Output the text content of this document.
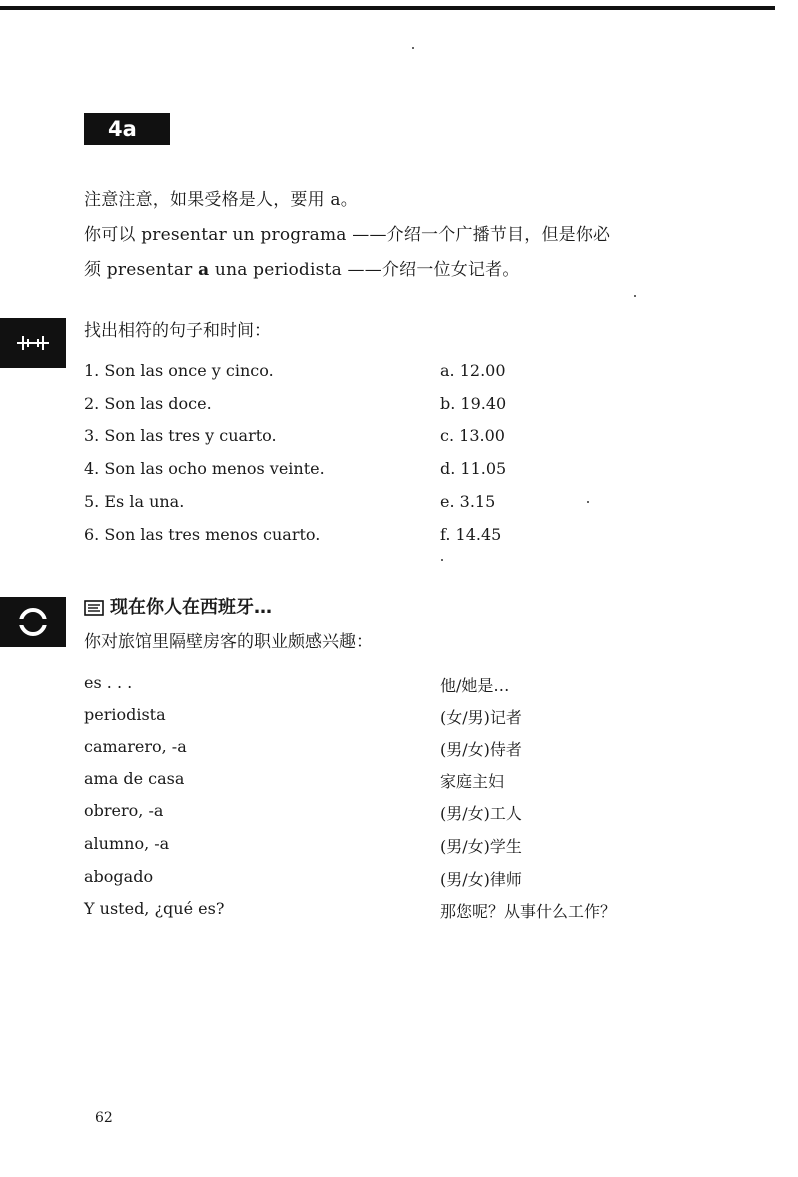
4a
注意注意，如果受格是人，要用 a。
你可以 presentar un programa ——介绍一个广播节目，但是你必
须 presentar a una periodista ——介绍一位女记者。
找出相符的句子和时间：
1. Son las once y cinco.	a. 12.00
2. Son las doce.	b. 19.40
3. Son las tres y cuarto.	c. 13.00
4. Son las ocho menos veinte.	d. 11.05
5. Es la una.	e. 3.15
6. Son las tres menos cuarto.	f. 14.45
现在你人在西班牙…
你对旅馆里隔壁房客的职业颇感兴趣：
es . . .	他/她是…
periodista	(女/男)记者
camarero, -a	(男/女)侍者
ama de casa	家庭主妇
obrero, -a	(男/女)工人
alumno, -a	(男/女)学生
abogado	(男/女)律师
Y usted, ¿qué es?	那您呢？从事什么工作？
62
